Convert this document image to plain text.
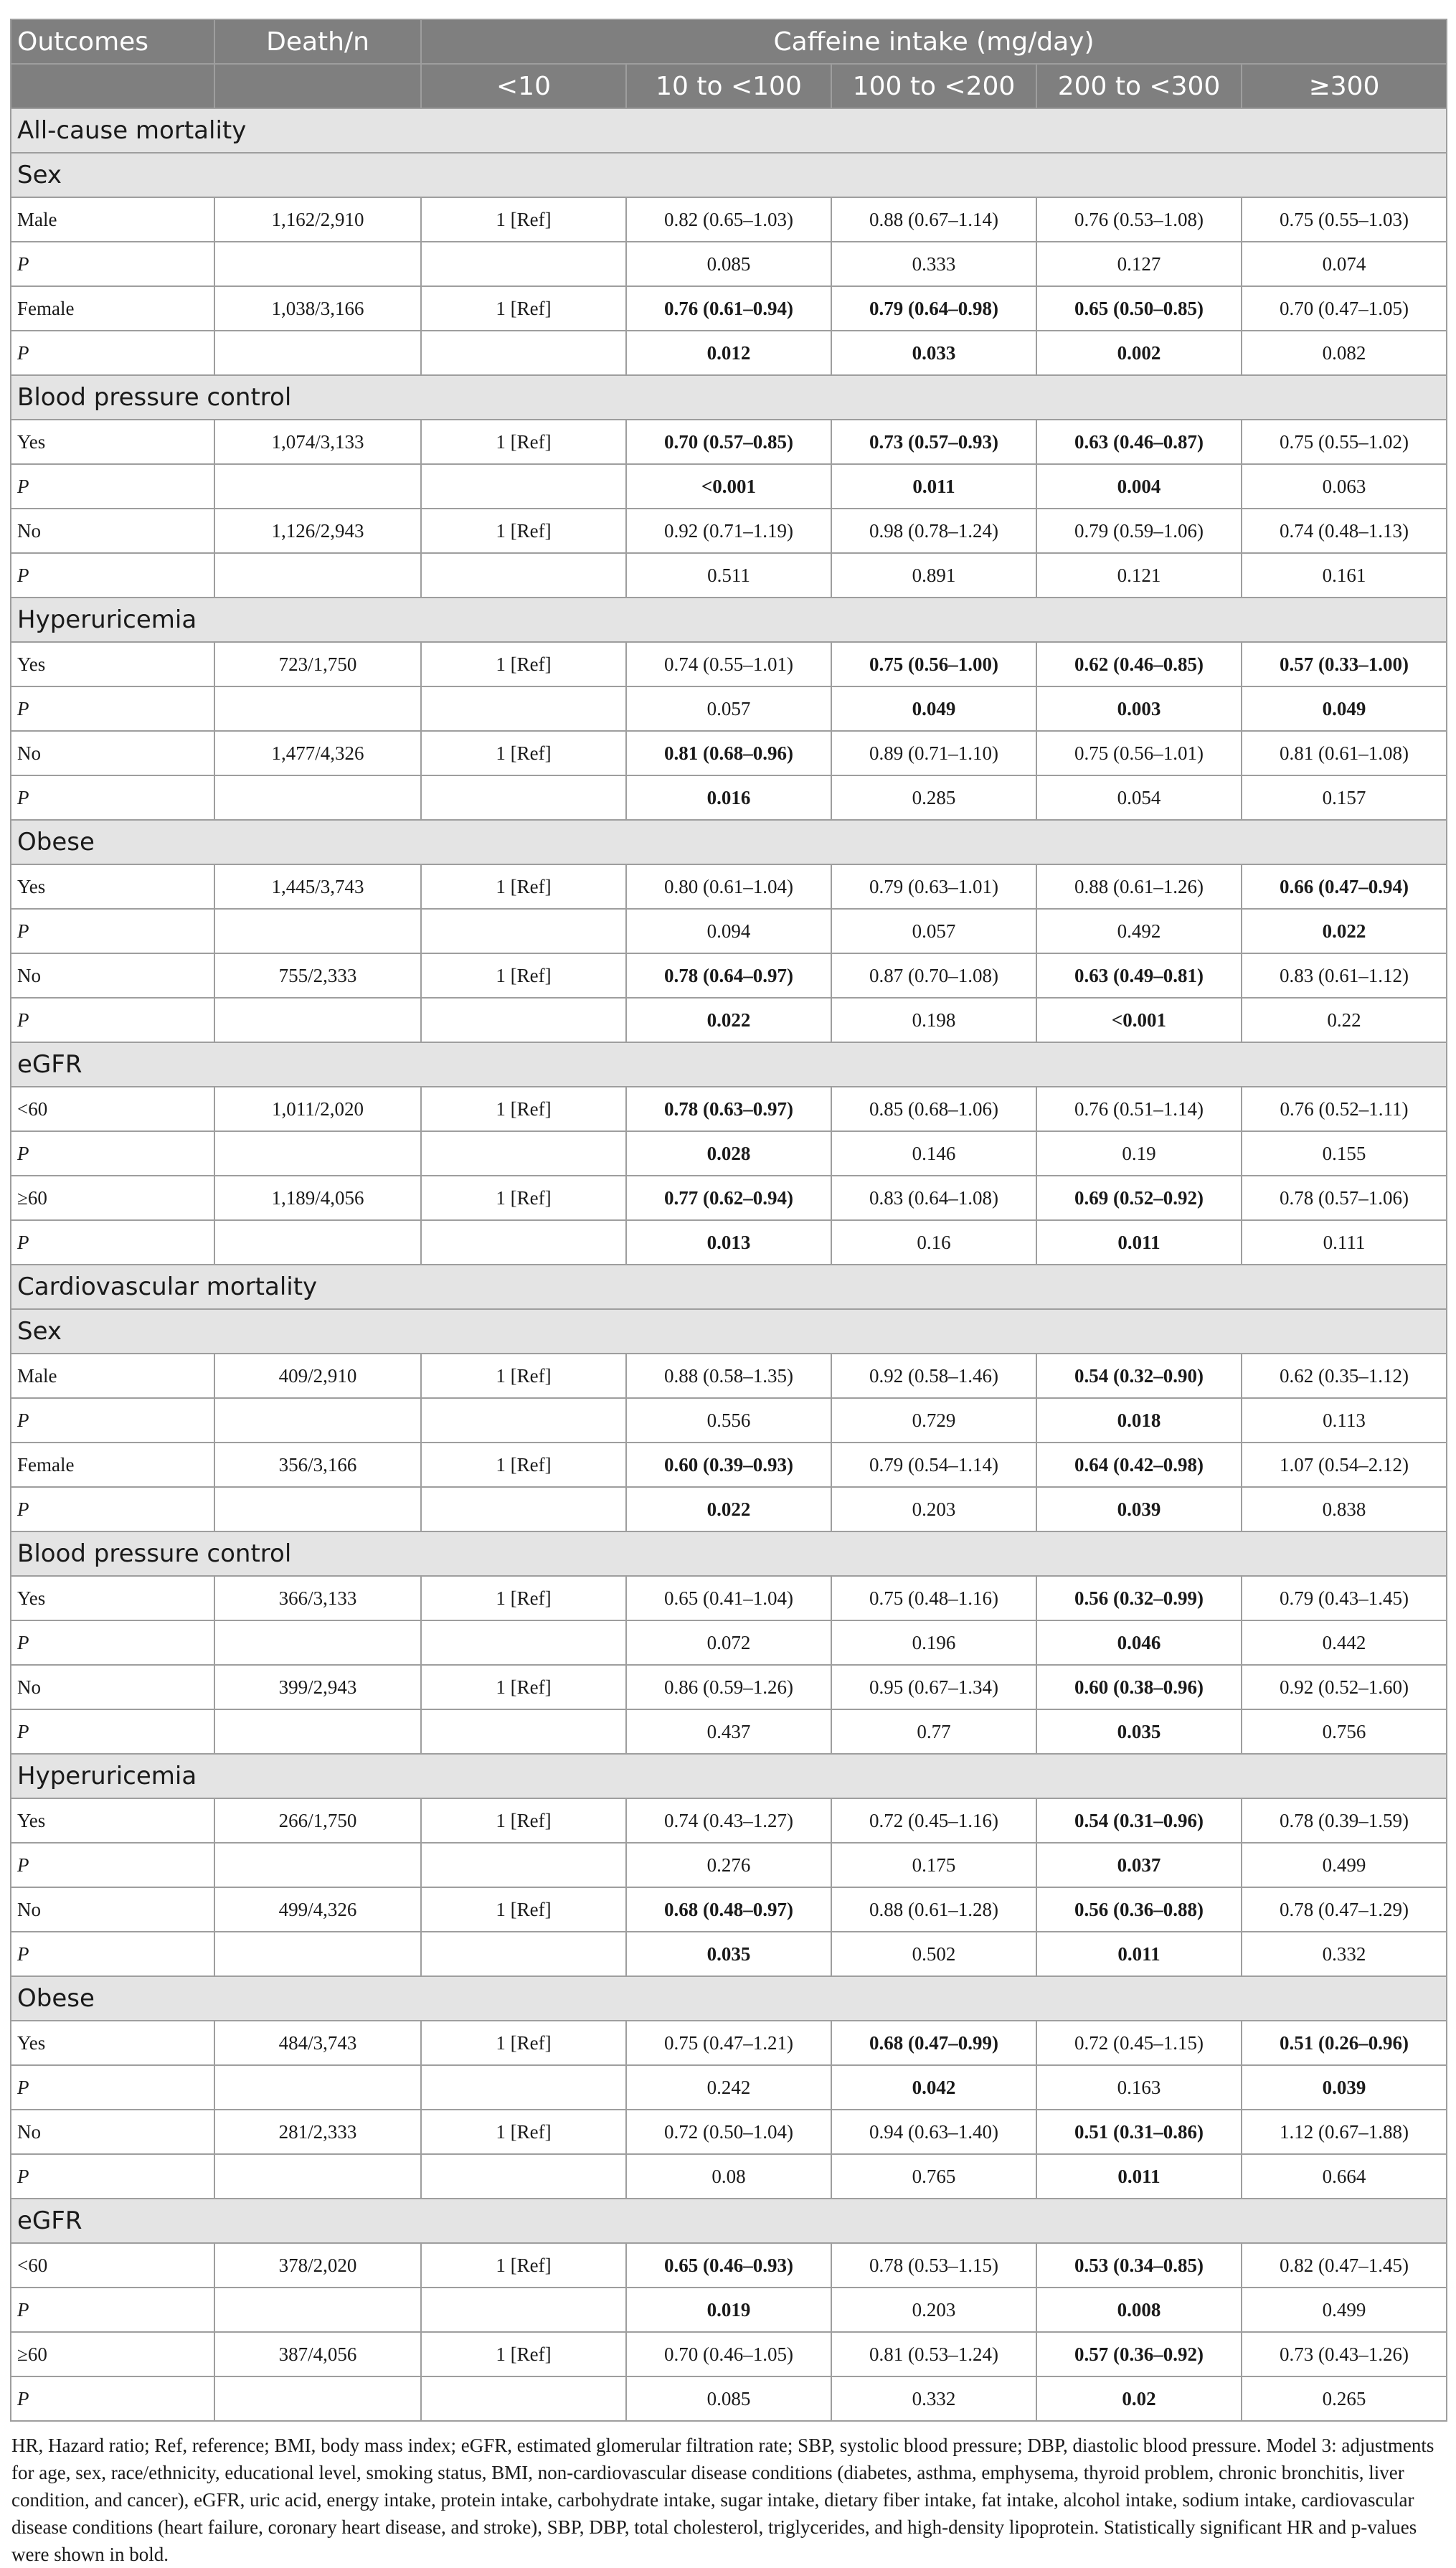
Outcomes	Death/n	Caffeine intake (mg/day)				
		<10	10 to <100	100 to <200	200 to <300	≥300
All-cause mortality						
Sex						
Male	1,162/2,910	1 [Ref]	0.82 (0.65–1.03)	0.88 (0.67–1.14)	0.76 (0.53–1.08)	0.75 (0.55–1.03)
P			0.085	0.333	0.127	0.074
Female	1,038/3,166	1 [Ref]	0.76 (0.61–0.94)	0.79 (0.64–0.98)	0.65 (0.50–0.85)	0.70 (0.47–1.05)
P			0.012	0.033	0.002	0.082
Blood pressure control						
Yes	1,074/3,133	1 [Ref]	0.70 (0.57–0.85)	0.73 (0.57–0.93)	0.63 (0.46–0.87)	0.75 (0.55–1.02)
P			<0.001	0.011	0.004	0.063
No	1,126/2,943	1 [Ref]	0.92 (0.71–1.19)	0.98 (0.78–1.24)	0.79 (0.59–1.06)	0.74 (0.48–1.13)
P			0.511	0.891	0.121	0.161
Hyperuricemia						
Yes	723/1,750	1 [Ref]	0.74 (0.55–1.01)	0.75 (0.56–1.00)	0.62 (0.46–0.85)	0.57 (0.33–1.00)
P			0.057	0.049	0.003	0.049
No	1,477/4,326	1 [Ref]	0.81 (0.68–0.96)	0.89 (0.71–1.10)	0.75 (0.56–1.01)	0.81 (0.61–1.08)
P			0.016	0.285	0.054	0.157
Obese						
Yes	1,445/3,743	1 [Ref]	0.80 (0.61–1.04)	0.79 (0.63–1.01)	0.88 (0.61–1.26)	0.66 (0.47–0.94)
P			0.094	0.057	0.492	0.022
No	755/2,333	1 [Ref]	0.78 (0.64–0.97)	0.87 (0.70–1.08)	0.63 (0.49–0.81)	0.83 (0.61–1.12)
P			0.022	0.198	<0.001	0.22
eGFR						
<60	1,011/2,020	1 [Ref]	0.78 (0.63–0.97)	0.85 (0.68–1.06)	0.76 (0.51–1.14)	0.76 (0.52–1.11)
P			0.028	0.146	0.19	0.155
≥60	1,189/4,056	1 [Ref]	0.77 (0.62–0.94)	0.83 (0.64–1.08)	0.69 (0.52–0.92)	0.78 (0.57–1.06)
P			0.013	0.16	0.011	0.111
Cardiovascular mortality						
Sex						
Male	409/2,910	1 [Ref]	0.88 (0.58–1.35)	0.92 (0.58–1.46)	0.54 (0.32–0.90)	0.62 (0.35–1.12)
P			0.556	0.729	0.018	0.113
Female	356/3,166	1 [Ref]	0.60 (0.39–0.93)	0.79 (0.54–1.14)	0.64 (0.42–0.98)	1.07 (0.54–2.12)
P			0.022	0.203	0.039	0.838
Blood pressure control						
Yes	366/3,133	1 [Ref]	0.65 (0.41–1.04)	0.75 (0.48–1.16)	0.56 (0.32–0.99)	0.79 (0.43–1.45)
P			0.072	0.196	0.046	0.442
No	399/2,943	1 [Ref]	0.86 (0.59–1.26)	0.95 (0.67–1.34)	0.60 (0.38–0.96)	0.92 (0.52–1.60)
P			0.437	0.77	0.035	0.756
Hyperuricemia						
Yes	266/1,750	1 [Ref]	0.74 (0.43–1.27)	0.72 (0.45–1.16)	0.54 (0.31–0.96)	0.78 (0.39–1.59)
P			0.276	0.175	0.037	0.499
No	499/4,326	1 [Ref]	0.68 (0.48–0.97)	0.88 (0.61–1.28)	0.56 (0.36–0.88)	0.78 (0.47–1.29)
P			0.035	0.502	0.011	0.332
Obese						
Yes	484/3,743	1 [Ref]	0.75 (0.47–1.21)	0.68 (0.47–0.99)	0.72 (0.45–1.15)	0.51 (0.26–0.96)
P			0.242	0.042	0.163	0.039
No	281/2,333	1 [Ref]	0.72 (0.50–1.04)	0.94 (0.63–1.40)	0.51 (0.31–0.86)	1.12 (0.67–1.88)
P			0.08	0.765	0.011	0.664
eGFR						
<60	378/2,020	1 [Ref]	0.65 (0.46–0.93)	0.78 (0.53–1.15)	0.53 (0.34–0.85)	0.82 (0.47–1.45)
P			0.019	0.203	0.008	0.499
≥60	387/4,056	1 [Ref]	0.70 (0.46–1.05)	0.81 (0.53–1.24)	0.57 (0.36–0.92)	0.73 (0.43–1.26)
P			0.085	0.332	0.02	0.265
HR, Hazard ratio; Ref, reference; BMI, body mass index; eGFR, estimated glomerular filtration rate; SBP, systolic blood pressure; DBP, diastolic blood pressure. Model 3: adjustments for age, sex, race/ethnicity, educational level, smoking status, BMI, non-cardiovascular disease conditions (diabetes, asthma, emphysema, thyroid problem, chronic bronchitis, liver condition, and cancer), eGFR, uric acid, energy intake, protein intake, carbohydrate intake, sugar intake, dietary fiber intake, fat intake, alcohol intake, sodium intake, cardiovascular disease conditions (heart failure, coronary heart disease, and stroke), SBP, DBP, total cholesterol, triglycerides, and high-density lipoprotein. Statistically significant HR and p-values were shown in bold.
